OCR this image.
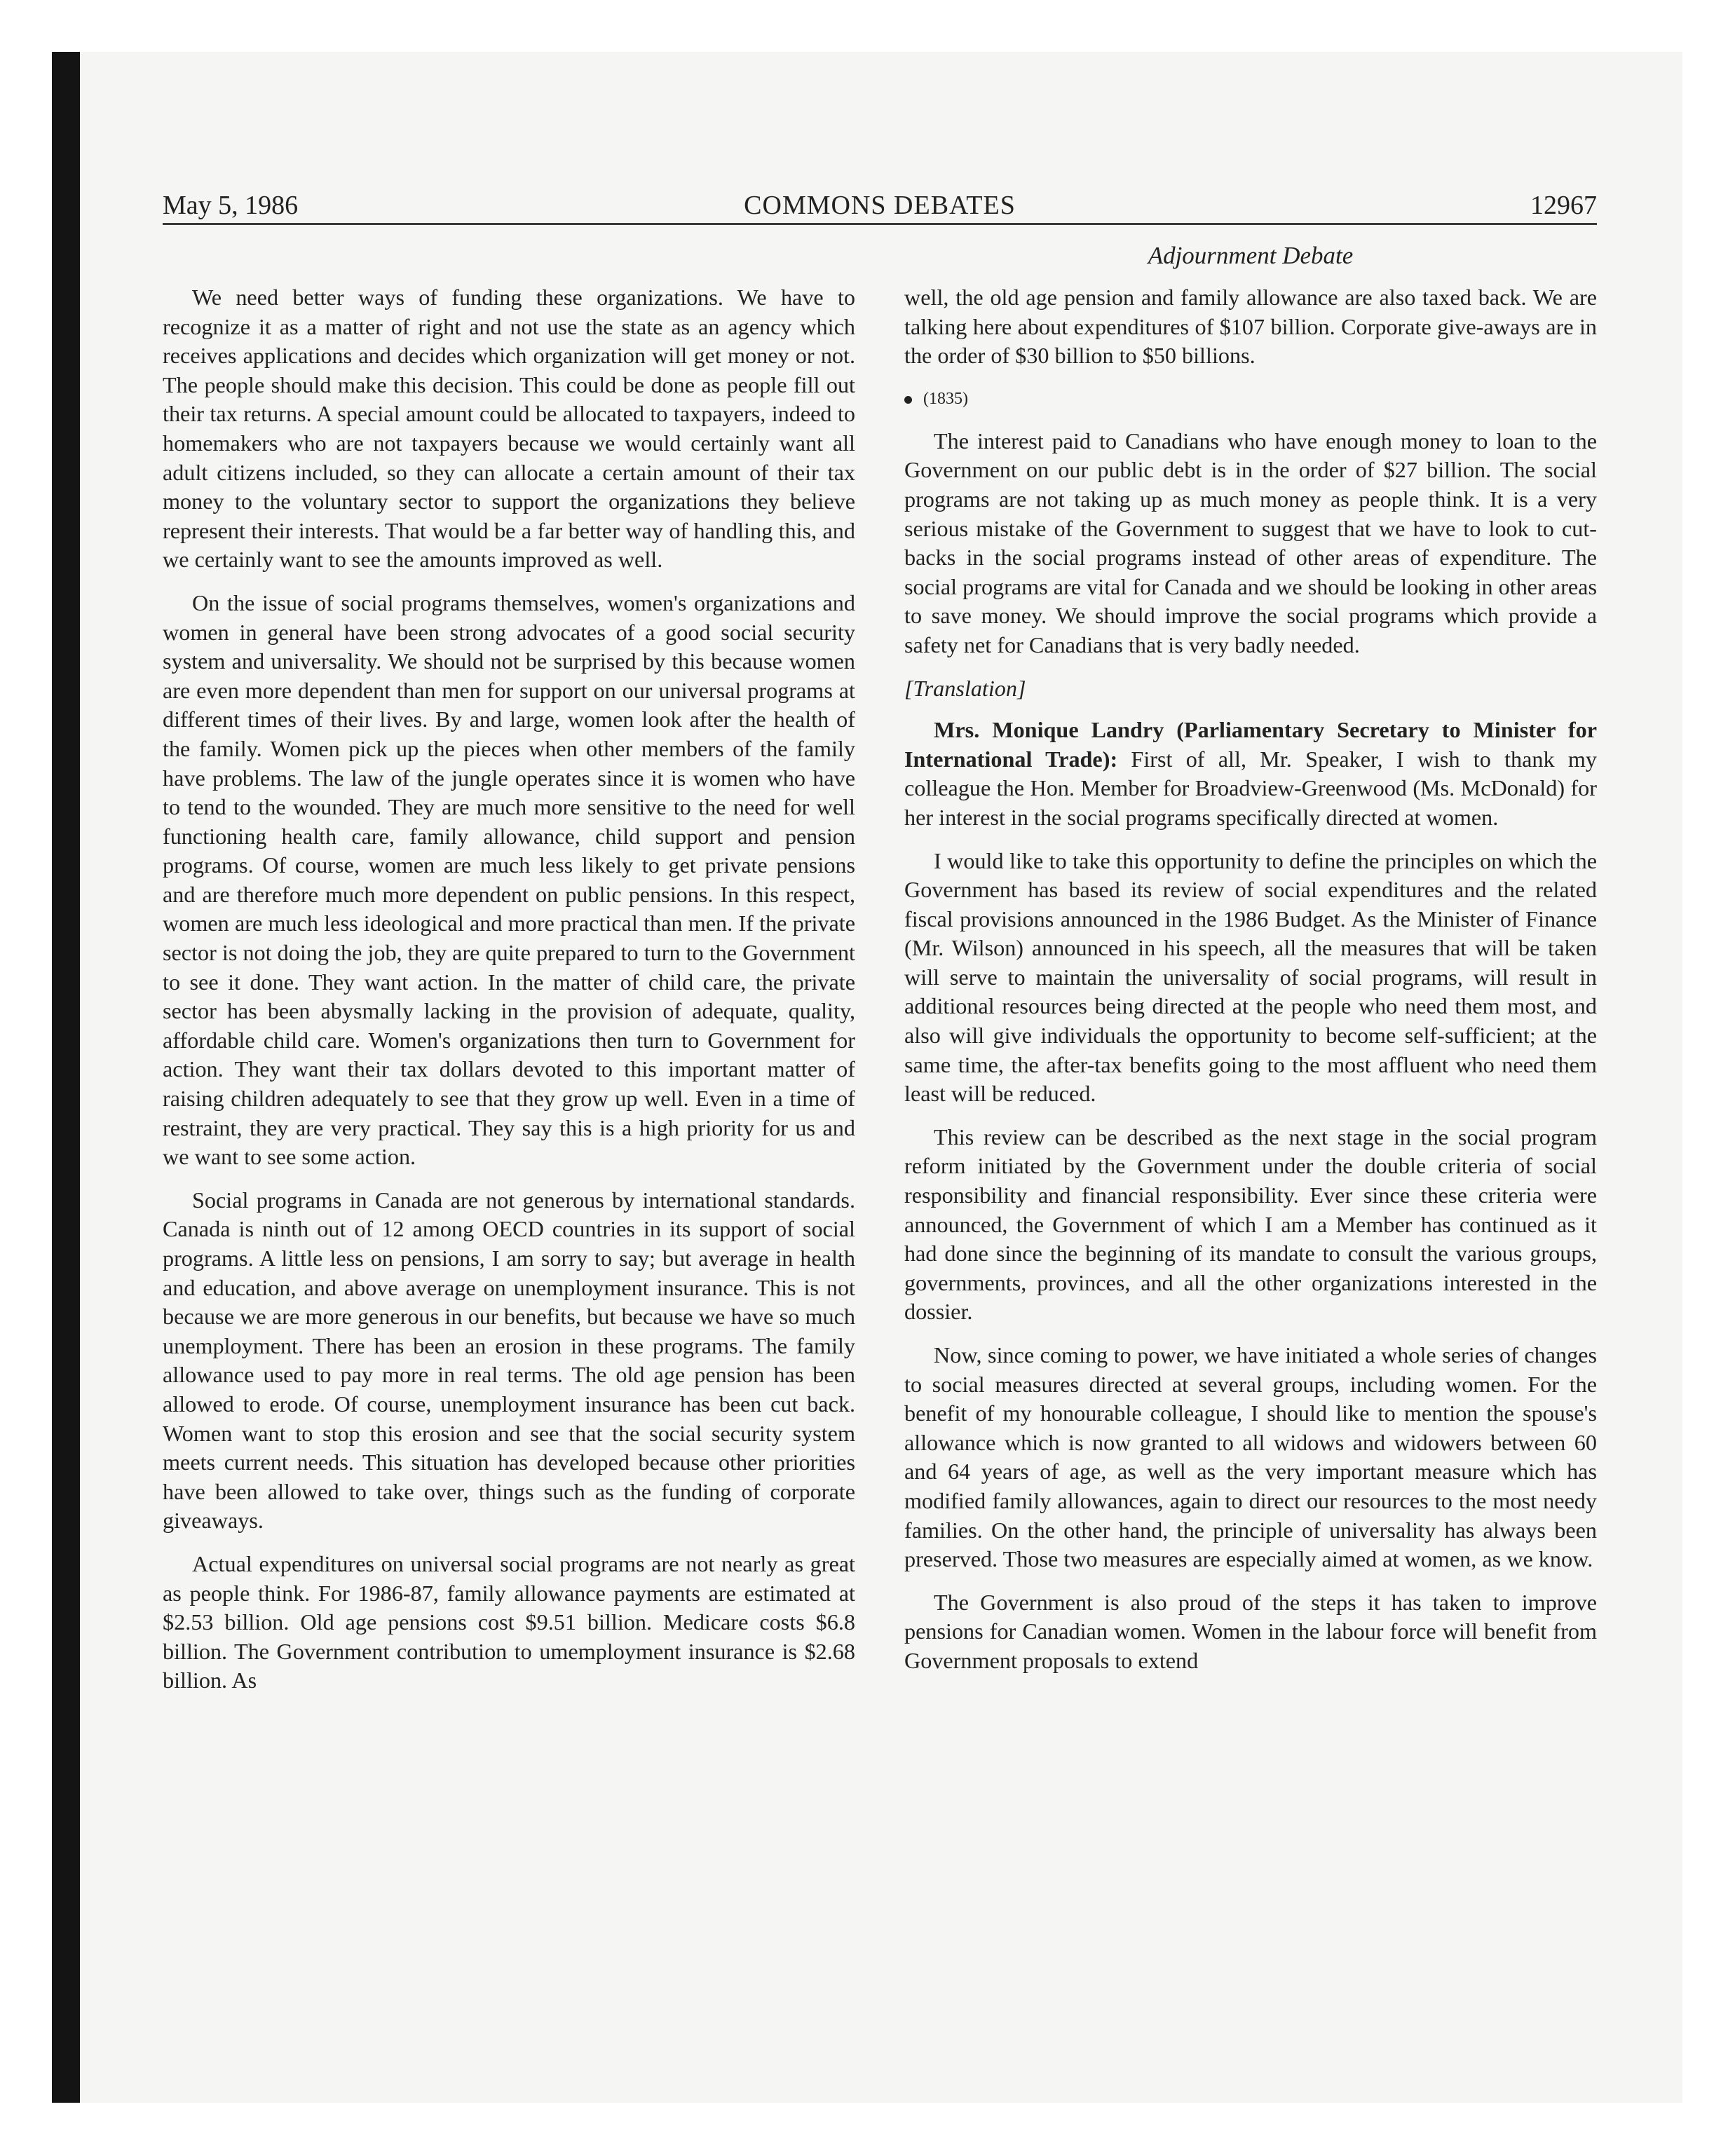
May 5, 1986	COMMONS DEBATES	12967
Adjournment Debate

We need better ways of funding these organizations. We have to recognize it as a matter of right and not use the state as an agency which receives applications and decides which organization will get money or not. The people should make this decision. This could be done as people fill out their tax returns. A special amount could be allocated to taxpayers, indeed to homemakers who are not taxpayers because we would certainly want all adult citizens included, so they can allocate a certain amount of their tax money to the voluntary sector to support the organizations they believe represent their interests. That would be a far better way of handling this, and we certainly want to see the amounts improved as well.

On the issue of social programs themselves, women's organizations and women in general have been strong advocates of a good social security system and universality. We should not be surprised by this because women are even more dependent than men for support on our universal programs at different times of their lives. By and large, women look after the health of the family. Women pick up the pieces when other members of the family have problems. The law of the jungle operates since it is women who have to tend to the wounded. They are much more sensitive to the need for well functioning health care, family allowance, child support and pension programs. Of course, women are much less likely to get private pensions and are therefore much more dependent on public pensions. In this respect, women are much less ideological and more practical than men. If the private sector is not doing the job, they are quite prepared to turn to the Government to see it done. They want action. In the matter of child care, the private sector has been abysmally lacking in the provision of adequate, quality, affordable child care. Women's organizations then turn to Government for action. They want their tax dollars devoted to this important matter of raising children adequately to see that they grow up well. Even in a time of restraint, they are very practical. They say this is a high priority for us and we want to see some action.

Social programs in Canada are not generous by international standards. Canada is ninth out of 12 among OECD countries in its support of social programs. A little less on pensions, I am sorry to say; but average in health and education, and above average on unemployment insurance. This is not because we are more generous in our benefits, but because we have so much unemployment. There has been an erosion in these programs. The family allowance used to pay more in real terms. The old age pension has been allowed to erode. Of course, unemployment insurance has been cut back. Women want to stop this erosion and see that the social security system meets current needs. This situation has developed because other priorities have been allowed to take over, things such as the funding of corporate giveaways.

Actual expenditures on universal social programs are not nearly as great as people think. For 1986-87, family allowance payments are estimated at $2.53 billion. Old age pensions cost $9.51 billion. Medicare costs $6.8 billion. The Government contribution to umemployment insurance is $2.68 billion. As

well, the old age pension and family allowance are also taxed back. We are talking here about expenditures of $107 billion. Corporate give-aways are in the order of $30 billion to $50 billions.

(1835)

The interest paid to Canadians who have enough money to loan to the Government on our public debt is in the order of $27 billion. The social programs are not taking up as much money as people think. It is a very serious mistake of the Government to suggest that we have to look to cut-backs in the social programs instead of other areas of expenditure. The social programs are vital for Canada and we should be looking in other areas to save money. We should improve the social programs which provide a safety net for Canadians that is very badly needed.

[Translation]

Mrs. Monique Landry (Parliamentary Secretary to Minister for International Trade): First of all, Mr. Speaker, I wish to thank my colleague the Hon. Member for Broadview-Greenwood (Ms. McDonald) for her interest in the social programs specifically directed at women.

I would like to take this opportunity to define the principles on which the Government has based its review of social expenditures and the related fiscal provisions announced in the 1986 Budget. As the Minister of Finance (Mr. Wilson) announced in his speech, all the measures that will be taken will serve to maintain the universality of social programs, will result in additional resources being directed at the people who need them most, and also will give individuals the opportunity to become self-sufficient; at the same time, the after-tax benefits going to the most affluent who need them least will be reduced.

This review can be described as the next stage in the social program reform initiated by the Government under the double criteria of social responsibility and financial responsibility. Ever since these criteria were announced, the Government of which I am a Member has continued as it had done since the beginning of its mandate to consult the various groups, governments, provinces, and all the other organizations interested in the dossier.

Now, since coming to power, we have initiated a whole series of changes to social measures directed at several groups, including women. For the benefit of my honourable colleague, I should like to mention the spouse's allowance which is now granted to all widows and widowers between 60 and 64 years of age, as well as the very important measure which has modified family allowances, again to direct our resources to the most needy families. On the other hand, the principle of universality has always been preserved. Those two measures are especially aimed at women, as we know.

The Government is also proud of the steps it has taken to improve pensions for Canadian women. Women in the labour force will benefit from Government proposals to extend
